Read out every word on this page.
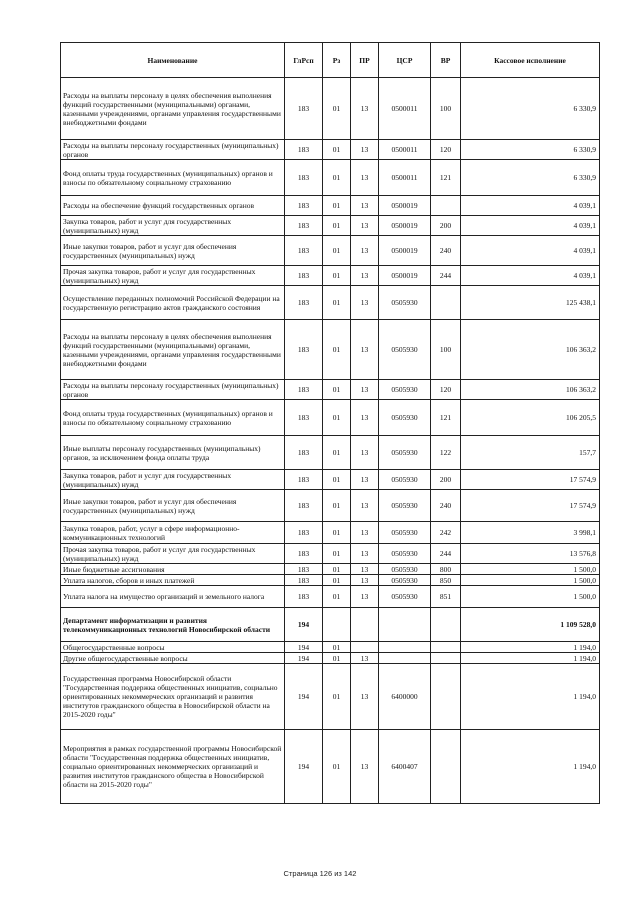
Наименование	ГлРсп	Рз	ПР	ЦСР	ВР	Кассовое исполнение
Расходы на выплаты персоналу в целях обеспечения выполнения функций государственными (муниципальными) органами, казенными учреждениями, органами управления государственными внебюджетными фондами	183	01	13	0500011	100	6 330,9
Расходы на выплаты персоналу государственных (муниципальных) органов	183	01	13	0500011	120	6 330,9
Фонд оплаты труда государственных (муниципальных) органов и взносы по обязательному социальному страхованию	183	01	13	0500011	121	6 330,9
Расходы на обеспечение функций государственных органов	183	01	13	0500019		4 039,1
Закупка товаров, работ и услуг для государственных (муниципальных) нужд	183	01	13	0500019	200	4 039,1
Иные закупки товаров, работ и услуг для обеспечения государственных (муниципальных) нужд	183	01	13	0500019	240	4 039,1
Прочая закупка товаров, работ и услуг для государственных (муниципальных) нужд	183	01	13	0500019	244	4 039,1
Осуществление переданных полномочий Российской Федерации на государственную регистрацию актов гражданского состояния	183	01	13	0505930		125 438,1
Расходы на выплаты персоналу в целях обеспечения выполнения функций государственными (муниципальными) органами, казенными учреждениями, органами управления государственными внебюджетными фондами	183	01	13	0505930	100	106 363,2
Расходы на выплаты персоналу государственных (муниципальных) органов	183	01	13	0505930	120	106 363,2
Фонд оплаты труда государственных (муниципальных) органов и взносы по обязательному социальному страхованию	183	01	13	0505930	121	106 205,5
Иные выплаты персоналу государственных (муниципальных) органов, за исключением фонда оплаты труда	183	01	13	0505930	122	157,7
Закупка товаров, работ и услуг для государственных (муниципальных) нужд	183	01	13	0505930	200	17 574,9
Иные закупки товаров, работ и услуг для обеспечения государственных (муниципальных) нужд	183	01	13	0505930	240	17 574,9
Закупка товаров, работ, услуг в сфере информационно-коммуникационных технологий	183	01	13	0505930	242	3 998,1
Прочая закупка товаров, работ и услуг для государственных (муниципальных) нужд	183	01	13	0505930	244	13 576,8
Иные бюджетные ассигнования	183	01	13	0505930	800	1 500,0
Уплата налогов, сборов и иных платежей	183	01	13	0505930	850	1 500,0
Уплата налога на имущество организаций и земельного налога	183	01	13	0505930	851	1 500,0
Департамент информатизации и развития телекоммуникационных технологий Новосибирской области	194					1 109 528,0
Общегосударственные вопросы	194	01				1 194,0
Другие общегосударственные вопросы	194	01	13			1 194,0
Государственная программа Новосибирской области "Государственная поддержка общественных инициатив, социально ориентированных некоммерческих организаций и развития институтов гражданского общества в Новосибирской области на 2015-2020 годы"	194	01	13	6400000		1 194,0
Мероприятия в рамках государственной программы Новосибирской области "Государственная поддержка общественных инициатив, социально ориентированных некоммерческих организаций и развития институтов гражданского общества в Новосибирской области на 2015-2020 годы"	194	01	13	6400407		1 194,0
Страница 126 из 142
